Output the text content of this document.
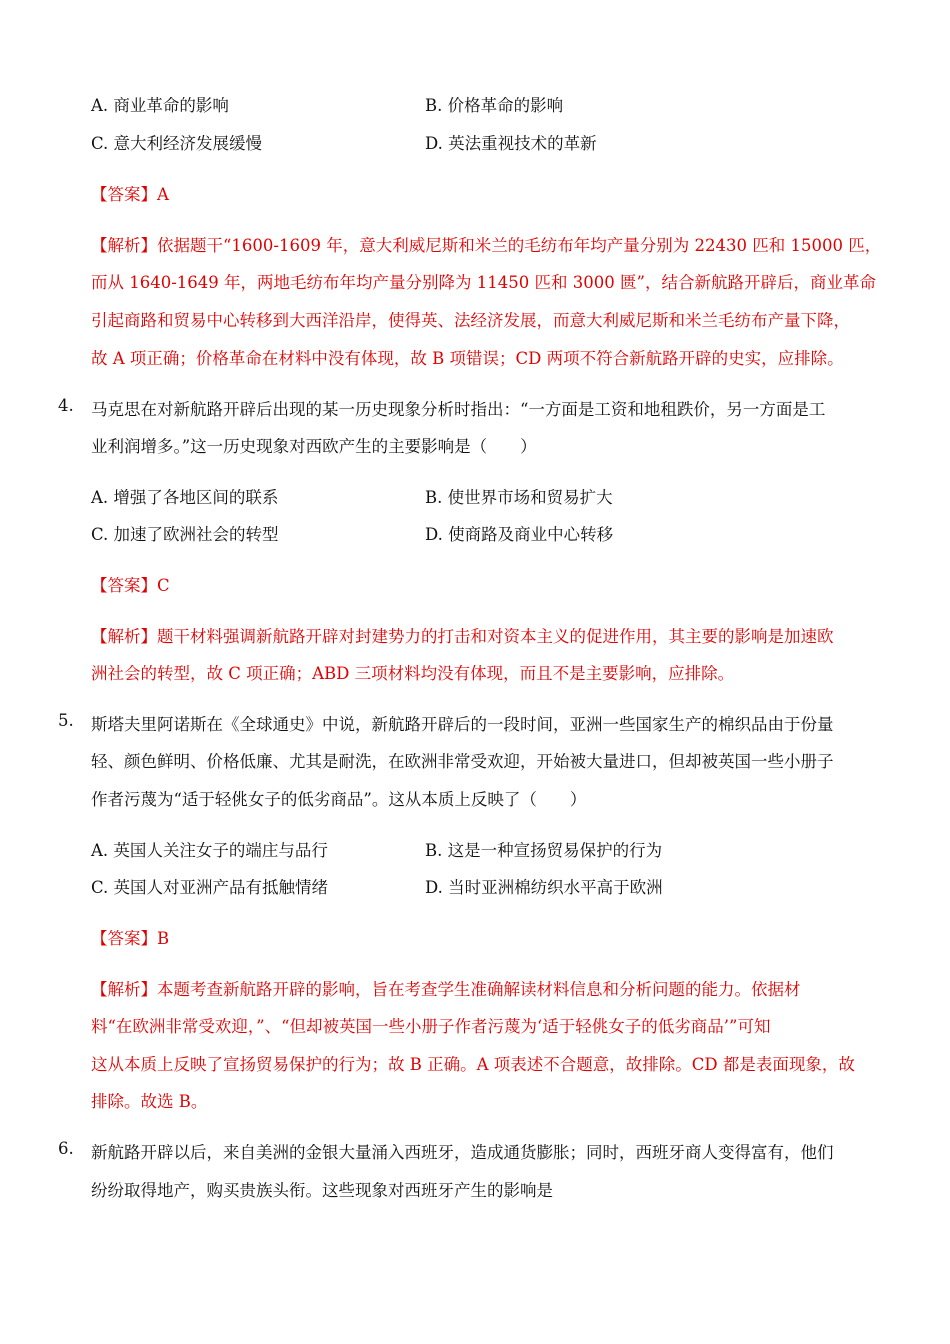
A. 商业革命的影响	B. 价格革命的影响
C. 意大利经济发展缓慢	D. 英法重视技术的革新
【答案】A
【解析】依据题干“1600-1609 年，意大利威尼斯和米兰的毛纺布年均产量分别为 22430 匹和 15000 匹，
而从 1640-1649 年，两地毛纺布年均产量分别降为 11450 匹和 3000 匮”，结合新航路开辟后，商业革命
引起商路和贸易中心转移到大西洋沿岸，使得英、法经济发展，而意大利威尼斯和米兰毛纺布产量下降，
故 A 项正确；价格革命在材料中没有体现，故 B 项错误；CD 两项不符合新航路开辟的史实，应排除。
4. 马克思在对新航路开辟后出现的某一历史现象分析时指出：“一方面是工资和地租跌价，另一方面是工
业利润增多。”这一历史现象对西欧产生的主要影响是（　　）
A. 增强了各地区间的联系	B. 使世界市场和贸易扩大
C. 加速了欧洲社会的转型	D. 使商路及商业中心转移
【答案】C
【解析】题干材料强调新航路开辟对封建势力的打击和对资本主义的促进作用，其主要的影响是加速欧
洲社会的转型，故 C 项正确；ABD 三项材料均没有体现，而且不是主要影响，应排除。
5. 斯塔夫里阿诺斯在《全球通史》中说，新航路开辟后的一段时间，亚洲一些国家生产的棉织品由于份量
轻、颜色鲜明、价格低廉、尤其是耐洗，在欧洲非常受欢迎，开始被大量进口，但却被英国一些小册子
作者污蔑为“适于轻佻女子的低劣商品”。这从本质上反映了（　　）
A. 英国人关注女子的端庄与品行	B. 这是一种宣扬贸易保护的行为
C. 英国人对亚洲产品有抵触情绪	D. 当时亚洲棉纺织水平高于欧洲
【答案】B
【解析】本题考查新航路开辟的影响，旨在考查学生准确解读材料信息和分析问题的能力。依据材
料“在欧洲非常受欢迎，”、“但却被英国一些小册子作者污蔑为‘适于轻佻女子的低劣商品’”可知
这从本质上反映了宣扬贸易保护的行为；故 B 正确。A 项表述不合题意，故排除。CD 都是表面现象，故
排除。故选 B。
6. 新航路开辟以后，来自美洲的金银大量涌入西班牙，造成通货膨胀；同时，西班牙商人变得富有，他们
纷纷取得地产，购买贵族头衔。这些现象对西班牙产生的影响是
